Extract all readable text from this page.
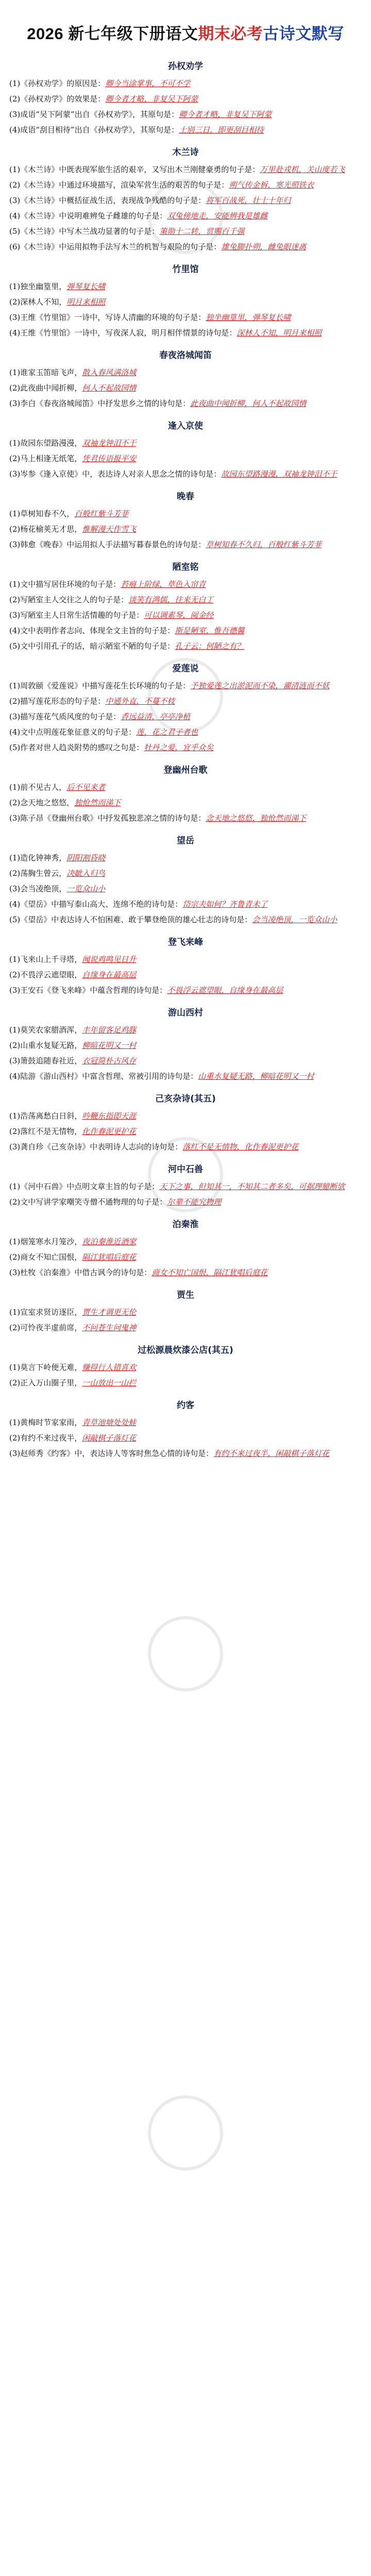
2026 新七年级下册语文期末必考古诗文默写
孙权劝学

(1)《孙权劝学》的原因是：卿今当涂掌事，不可不学

(2)《孙权劝学》的效果是：卿今者才略，非复吴下阿蒙

(3)成语“吴下阿蒙”出自《孙权劝学》，其原句是：卿今者才略，非复吴下阿蒙

(4)成语“刮目相待”出自《孙权劝学》，其原句是：士别三日，即更刮目相待

木兰诗

(1)《木兰诗》中既表现军旅生活的艰辛，又写出木兰刚健豪勇的句子是：万里赴戎机，关山度若飞

(2)《木兰诗》中通过环境描写，渲染军营生活的艰苦的句子是：朔气传金柝，寒光照铁衣

(3)《木兰诗》中概括征战生活，表现战争残酷的句子是：将军百战死，壮士十年归

(4)《木兰诗》中说明难辨兔子雌雄的句子是：双兔傍地走，安能辨我是雄雌

(5)《木兰诗》中写木兰战功显著的句子是：策勋十二转，赏赐百千强

(6)《木兰诗》中运用拟物手法写木兰的机智与艰险的句子是：雄兔脚扑朔，雌兔眼迷离

竹里馆

(1)独坐幽篁里，弹琴复长啸

(2)深林人不知，明月来相照

(3)王维《竹里馆》一诗中，写诗人清幽的环境的句子是：独坐幽篁里，弹琴复长啸

(4)王维《竹里馆》一诗中，写夜深人寂，明月相伴情景的诗句是：深林人不知，明月来相照

春夜洛城闻笛

(1)谁家玉笛暗飞声，散入春风满洛城

(2)此夜曲中闻折柳，何人不起故园情

(3)李白《春夜洛城闻笛》中抒发思乡之情的诗句是：此夜曲中闻折柳，何人不起故园情

逢入京使

(1)故园东望路漫漫，双袖龙钟泪不干

(2)马上相逢无纸笔，凭君传语报平安

(3)岑参《逢入京使》中，表达诗人对亲人思念之情的诗句是：故园东望路漫漫，双袖龙钟泪不干

晚春

(1)草树知春不久，百般红紫斗芳菲

(2)杨花榆荚无才思，惟解漫天作雪飞

(3)韩愈《晚春》中运用拟人手法描写暮春景色的诗句是：草树知春不久归，百般红紫斗芳菲

陋室铭

(1)文中描写居住环境的句子是：苔痕上阶绿，草色入帘青

(2)写陋室主人交往之人的句子是：谈笑有鸿儒，往来无白丁

(3)写陋室主人日常生活情趣的句子是：可以调素琴，阅金经

(4)文中表明作者志向、体现全文主旨的句子是：斯是陋室，惟吾德馨

(5)文中引用孔子的话，暗示陋室不陋的句子是：孔子云：何陋之有？

爱莲说

(1)周敦颐《爱莲说》中描写莲花生长环境的句子是：予独爱莲之出淤泥而不染，濯清涟而不妖

(2)描写莲花形态的句子是：中通外直，不蔓不枝

(3)描写莲花气质风度的句子是：香远益清，亭亭净植

(4)文中点明莲花象征意义的句子是：莲，花之君子者也

(5)作者对世人趋炎附势的感叹之句是：牡丹之爱，宜乎众矣

登幽州台歌

(1)前不见古人，后不见来者

(2)念天地之悠悠，独怆然而涕下

(3)陈子昂《登幽州台歌》中抒发孤独悲凉之情的诗句是：念天地之悠悠，独怆然而涕下

望岳

(1)造化钟神秀，阴阳割昏晓

(2)荡胸生曾云，决眦入归鸟

(3)会当凌绝顶，一览众山小

(4)《望岳》中描写泰山高大、连绵不绝的诗句是：岱宗夫如何？齐鲁青未了

(5)《望岳》中表达诗人不怕困难、敢于攀登绝顶的雄心壮志的诗句是：会当凌绝顶，一览众山小

登飞来峰

(1)飞来山上千寻塔，闻说鸡鸣见日升

(2)不畏浮云遮望眼，自缘身在最高层

(3)王安石《登飞来峰》中蕴含哲理的诗句是：不畏浮云遮望眼，自缘身在最高层

游山西村

(1)莫笑农家腊酒浑，丰年留客足鸡豚

(2)山重水复疑无路，柳暗花明又一村

(3)箫鼓追随春社近，衣冠简朴古风存

(4)陆游《游山西村》中富含哲理、常被引用的诗句是：山重水复疑无路，柳暗花明又一村

己亥杂诗(其五)

(1)浩荡离愁白日斜，吟鞭东指即天涯

(2)落红不是无情物，化作春泥更护花

(3)龚自珍《己亥杂诗》中表明诗人志向的诗句是：落红不是无情物，化作春泥更护花

河中石兽

(1)《河中石兽》中点明文章主旨的句子是：天下之事，但知其一，不知其二者多矣，可据理臆断欤

(2)文中写讲学家嘲笑寺僧不通物理的句子是：尔辈不能究物理

泊秦淮

(1)烟笼寒水月笼沙，夜泊秦淮近酒家

(2)商女不知亡国恨，隔江犹唱后庭花

(3)杜牧《泊秦淮》中借古讽今的诗句是：商女不知亡国恨，隔江犹唱后庭花

贾生

(1)宣室求贤访逐臣，贾生才调更无伦

(2)可怜夜半虚前席，不问苍生问鬼神

过松源晨炊漆公店(其五)

(1)莫言下岭便无难，赚得行人错喜欢

(2)正入万山圈子里，一山放出一山拦

约客

(1)黄梅时节家家雨，青草池塘处处蛙

(2)有约不来过夜半，闲敲棋子落灯花

(3)赵师秀《约客》中，表达诗人等客时焦急心情的诗句是：有约不来过夜半，闲敲棋子落灯花
